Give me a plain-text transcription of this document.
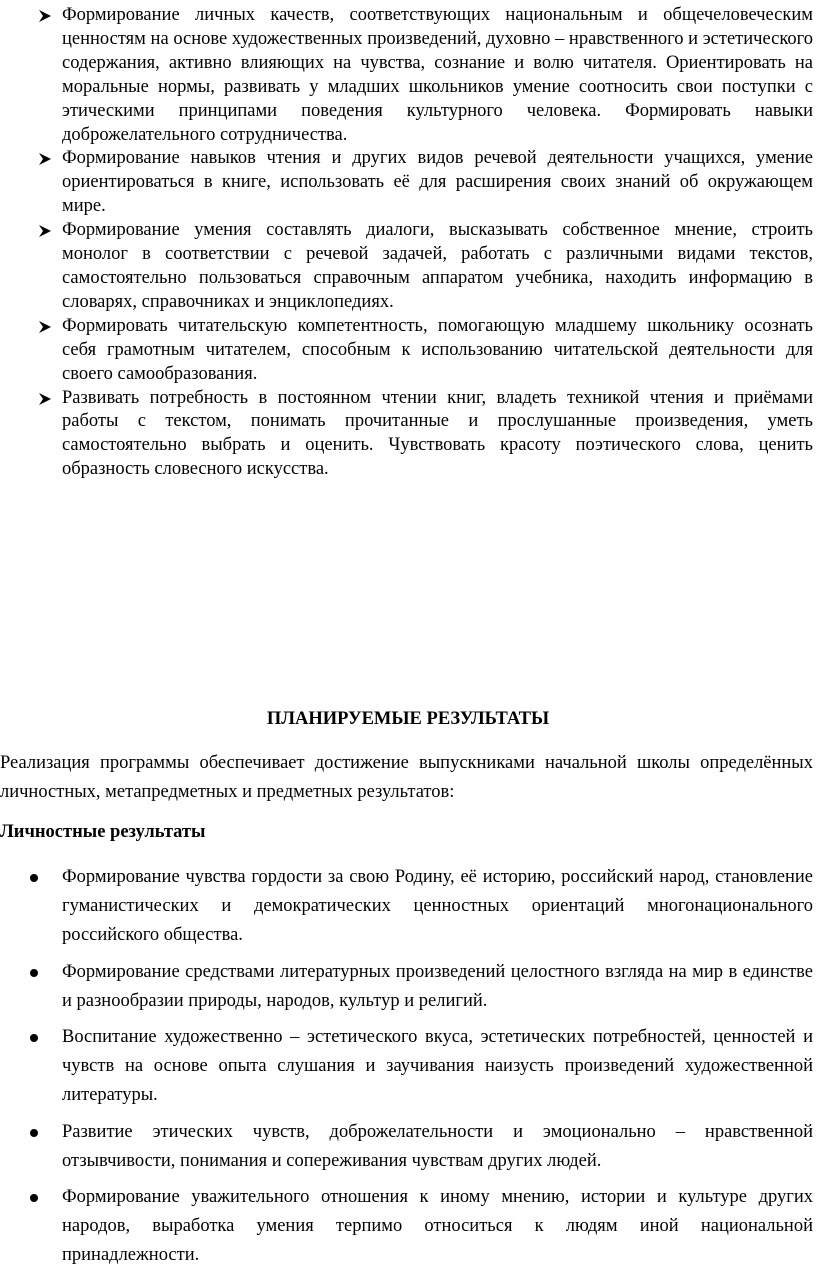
Формирование личных качеств, соответствующих национальным и общечеловеческим ценностям на основе художественных произведений, духовно – нравственного и эстетического содержания, активно влияющих на чувства, сознание и волю читателя. Ориентировать на моральные нормы, развивать у младших школьников умение соотносить свои поступки с этическими принципами поведения культурного человека. Формировать навыки доброжелательного сотрудничества.
Формирование навыков чтения и других видов речевой деятельности учащихся, умение ориентироваться в книге, использовать её для расширения своих знаний об окружающем мире.
Формирование умения составлять диалоги, высказывать собственное мнение, строить монолог в соответствии с речевой задачей, работать с различными видами текстов, самостоятельно пользоваться справочным аппаратом учебника, находить информацию в словарях, справочниках и энциклопедиях.
Формировать читательскую компетентность, помогающую младшему школьнику осознать себя грамотным читателем, способным к использованию читательской деятельности для своего самообразования.
Развивать потребность в постоянном чтении книг, владеть техникой чтения и приёмами работы с текстом, понимать прочитанные и прослушанные произведения, уметь самостоятельно выбрать и оценить. Чувствовать красоту поэтического слова, ценить образность словесного искусства.
ПЛАНИРУЕМЫЕ РЕЗУЛЬТАТЫ

Реализация программы обеспечивает достижение выпускниками начальной школы определённых личностных, метапредметных и предметных результатов:

Личностные результаты

Формирование чувства гордости за свою Родину, её историю, российский народ, становление гуманистических и демократических ценностных ориентаций многонационального российского общества.
Формирование средствами литературных произведений целостного взгляда на мир в единстве и разнообразии природы, народов, культур и религий.
Воспитание художественно – эстетического вкуса, эстетических потребностей, ценностей и чувств на основе опыта слушания и заучивания наизусть произведений художественной литературы.
Развитие этических чувств, доброжелательности и эмоционально – нравственной отзывчивости, понимания и сопереживания чувствам других людей.
Формирование уважительного отношения к иному мнению, истории и культуре других народов, выработка умения терпимо относиться к людям иной национальной принадлежности.
